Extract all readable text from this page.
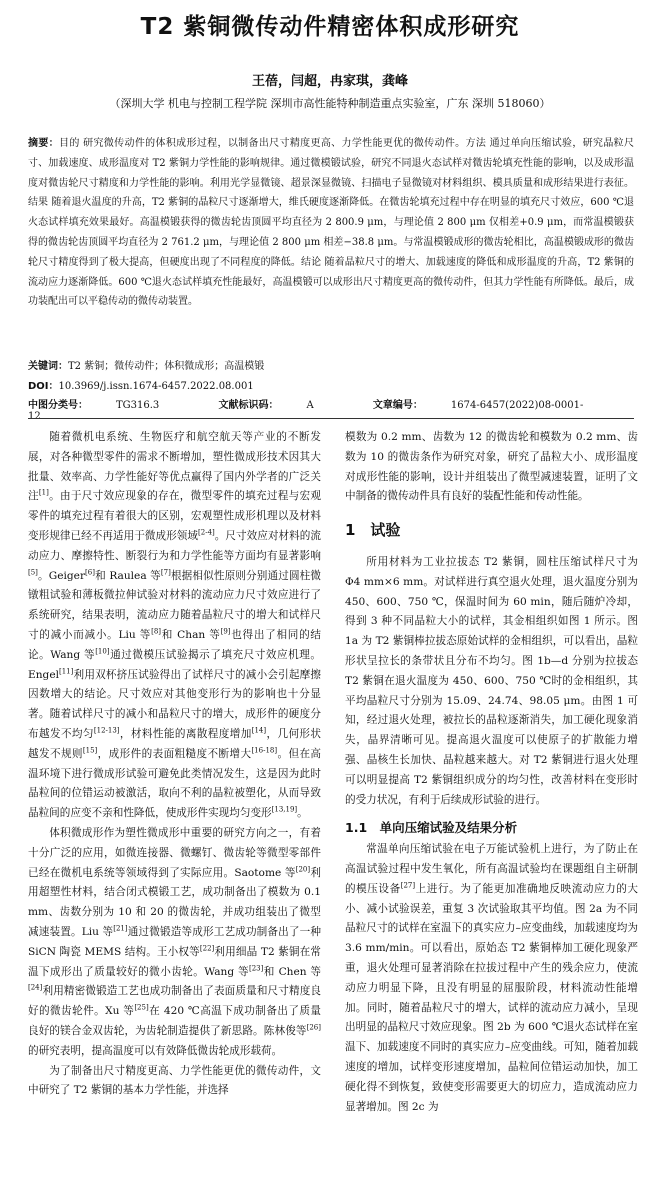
T2 紫铜微传动件精密体积成形研究
王蓓，闫超，冉家琪，龚峰
（深圳大学 机电与控制工程学院 深圳市高性能特种制造重点实验室，广东 深圳 518060）
摘要：目的 研究微传动件的体积成形过程，以制备出尺寸精度更高、力学性能更优的微传动件。方法 通过单向压缩试验，研究晶粒尺寸、加载速度、成形温度对 T2 紫铜力学性能的影响规律。通过微模锻试验，研究不同退火态试样对微齿轮填充性能的影响，以及成形温度对微齿轮尺寸精度和力学性能的影响。利用光学显微镜、超景深显微镜、扫描电子显微镜对材料组织、模具质量和成形结果进行表征。结果 随着退火温度的升高，T2 紫铜的晶粒尺寸逐渐增大，维氏硬度逐渐降低。在微齿轮填充过程中存在明显的填充尺寸效应，600 ℃退火态试样填充效果最好。高温模锻获得的微齿轮齿顶圆平均直径为 2 800.9 μm，与理论值 2 800 μm 仅相差+0.9 μm，而常温模锻获得的微齿轮齿顶圆平均直径为 2 761.2 μm，与理论值 2 800 μm 相差−38.8 μm。与常温模锻成形的微齿轮相比，高温模锻成形的微齿轮尺寸精度得到了极大提高，但硬度出现了不同程度的降低。结论 随着晶粒尺寸的增大、加载速度的降低和成形温度的升高，T2 紫铜的流动应力逐渐降低。600 ℃退火态试样填充性能最好，高温模锻可以成形出尺寸精度更高的微传动件，但其力学性能有所降低。最后，成功装配出可以平稳传动的微传动装置。
关键词：T2 紫铜；微传动件；体积微成形；高温模锻
DOI：10.3969/j.issn.1674-6457.2022.08.001
中图分类号：	TG316.3	文献标识码：	A	文章编号：	1674-6457(2022)08-0001-12

随着微机电系统、生物医疗和航空航天等产业的不断发展，对各种微型零件的需求不断增加，塑性微成形技术因其大批量、效率高、力学性能好等优点赢得了国内外学者的广泛关注[1]。由于尺寸效应现象的存在，微型零件的填充过程与宏观零件的填充过程有着很大的区别，宏观塑性成形机理以及材料变形规律已经不再适用于微成形领域[2-4]。尺寸效应对材料的流动应力、摩擦特性、断裂行为和力学性能等方面均有显著影响[5]。Geiger[6]和 Raulea 等[7]根据相似性原则分别通过圆柱微镦粗试验和薄板微拉伸试验对材料的流动应力尺寸效应进行了系统研究，结果表明，流动应力随着晶粒尺寸的增大和试样尺寸的减小而减小。Liu 等[8]和 Chan 等[9]也得出了相同的结论。Wang 等[10]通过微模压试验揭示了填充尺寸效应机理。Engel[11]利用双杯挤压试验得出了试样尺寸的减小会引起摩擦因数增大的结论。尺寸效应对其他变形行为的影响也十分显著。随着试样尺寸的减小和晶粒尺寸的增大，成形件的硬度分布越发不均匀[12-13]，材料性能的离散程度增加[14]，几何形状越发不规则[15]，成形件的表面粗糙度不断增大[16-18]。但在高温环境下进行微成形试验可避免此类情况发生，这是因为此时晶粒间的位错运动被激活，取向不利的晶粒被塑化，从而导致晶粒间的应变不亲和性降低，使成形件实现均匀变形[13,19]。

体积微成形作为塑性微成形中重要的研究方向之一，有着十分广泛的应用，如微连接器、微螺钉、微齿轮等微型零部件已经在微机电系统等领域得到了实际应用。Saotome 等[20]利用超塑性材料，结合闭式模锻工艺，成功制备出了模数为 0.1 mm、齿数分别为 10 和 20 的微齿轮，并成功组装出了微型减速装置。Liu 等[21]通过微锻造等成形工艺成功制备出了一种 SiCN 陶瓷 MEMS 结构。王小权等[22]利用细晶 T2 紫铜在常温下成形出了质量较好的微小齿轮。Wang 等[23]和 Chen 等[24]利用精密微锻造工艺也成功制备出了表面质量和尺寸精度良好的微齿轮件。Xu 等[25]在 420 ℃高温下成功制备出了质量良好的镁合金双齿轮，为齿轮制造提供了新思路。陈林俊等[26]的研究表明，提高温度可以有效降低微齿轮成形载荷。

为了制备出尺寸精度更高、力学性能更优的微传动件，文中研究了 T2 紫铜的基本力学性能，并选择

模数为 0.2 mm、齿数为 12 的微齿轮和模数为 0.2 mm、齿数为 10 的微齿条作为研究对象，研究了晶粒大小、成形温度对成形性能的影响，设计并组装出了微型减速装置，证明了文中制备的微传动件具有良好的装配性能和传动性能。

1　试验

所用材料为工业拉拔态 T2 紫铜，圆柱压缩试样尺寸为 Φ4 mm×6 mm。对试样进行真空退火处理，退火温度分别为 450、600、750 ℃，保温时间为 60 min，随后随炉冷却，得到 3 种不同晶粒大小的试样，其金相组织如图 1 所示。图 1a 为 T2 紫铜棒拉拔态原始试样的金相组织，可以看出，晶粒形状呈拉长的条带状且分布不均匀。图 1b—d 分别为拉拔态 T2 紫铜在退火温度为 450、600、750 ℃时的金相组织，其平均晶粒尺寸分别为 15.09、24.74、98.05 μm。由图 1 可知，经过退火处理，被拉长的晶粒逐渐消失，加工硬化现象消失，晶界清晰可见。提高退火温度可以使原子的扩散能力增强、晶核生长加快、晶粒越来越大。对 T2 紫铜进行退火处理可以明显提高 T2 紫铜组织成分的均匀性，改善材料在变形时的受力状况，有利于后续成形试验的进行。

1.1　单向压缩试验及结果分析

常温单向压缩试验在电子万能试验机上进行，为了防止在高温试验过程中发生氧化，所有高温试验均在课题组自主研制的模压设备[27]上进行。为了能更加准确地反映流动应力的大小、减小试验误差，重复 3 次试验取其平均值。图 2a 为不同晶粒尺寸的试样在室温下的真实应力–应变曲线，加载速度均为 3.6 mm/min。可以看出，原始态 T2 紫铜棒加工硬化现象严重，退火处理可显著消除在拉拔过程中产生的残余应力，使流动应力明显下降，且没有明显的屈服阶段，材料流动性能增加。同时，随着晶粒尺寸的增大，试样的流动应力减小，呈现出明显的晶粒尺寸效应现象。图 2b 为 600 ℃退火态试样在室温下、加载速度不同时的真实应力–应变曲线。可知，随着加载速度的增加，试样变形速度增加，晶粒间位错运动加快，加工硬化得不到恢复，致使变形需要更大的切应力，造成流动应力显著增加。图 2c 为
